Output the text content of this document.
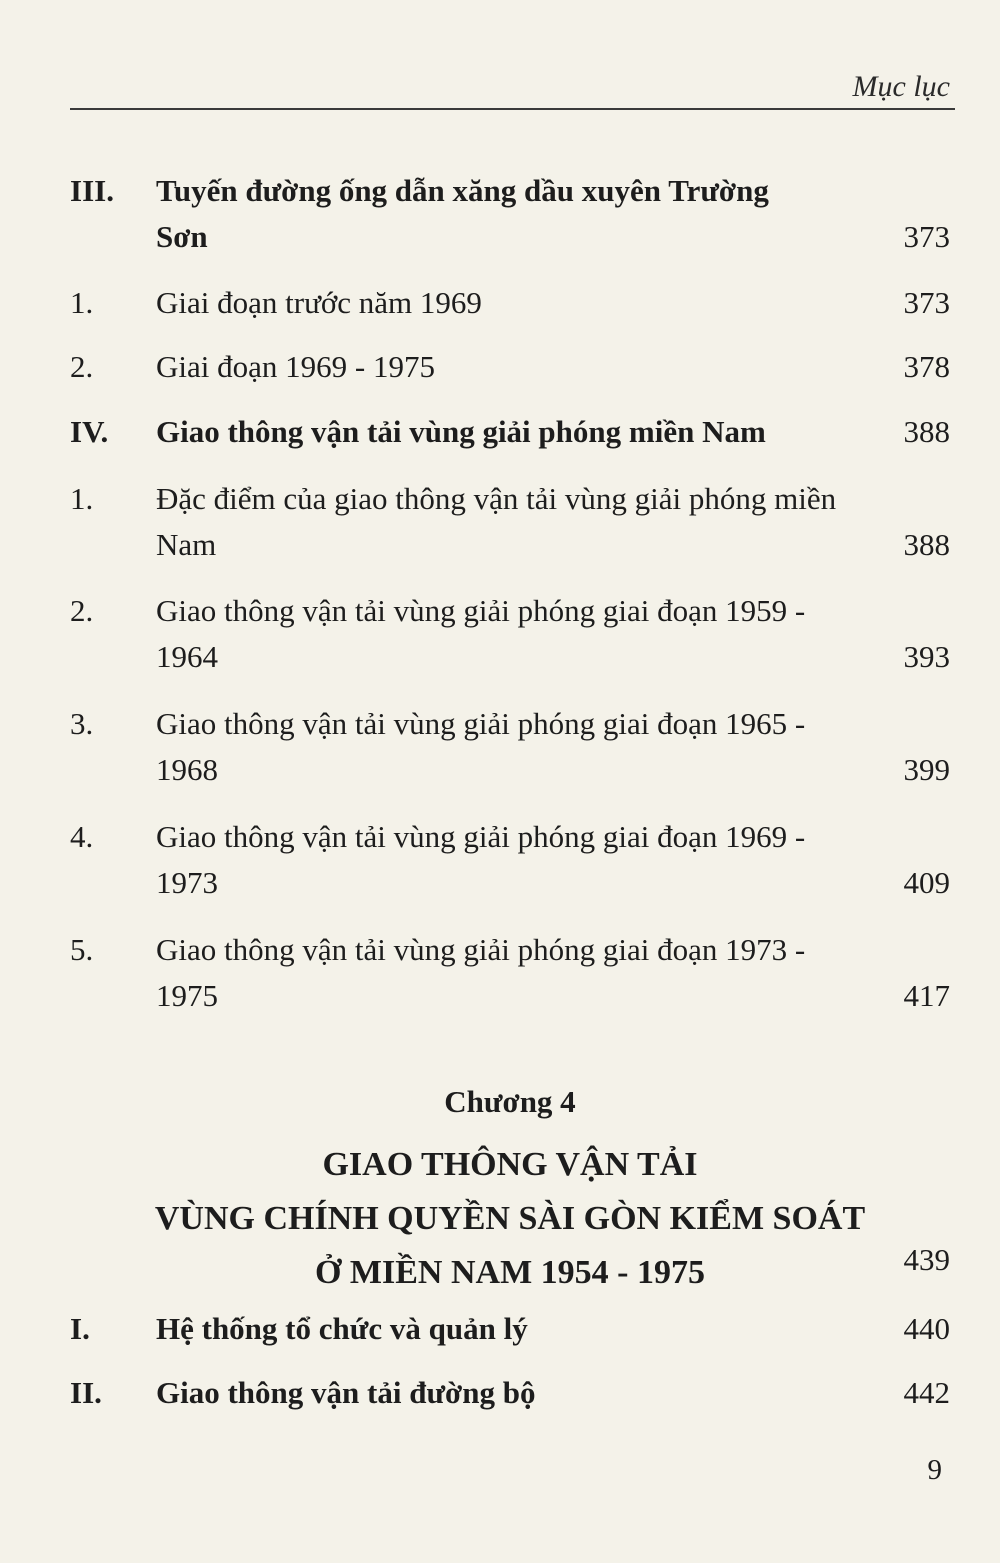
Mục lục
III. Tuyến đường ống dẫn xăng dầu xuyên Trường Sơn	373
1. Giai đoạn trước năm 1969	373
2. Giai đoạn 1969 - 1975	378
IV. Giao thông vận tải vùng giải phóng miền Nam	388
1. Đặc điểm của giao thông vận tải vùng giải phóng miền Nam	388
2. Giao thông vận tải vùng giải phóng giai đoạn 1959 - 1964	393
3. Giao thông vận tải vùng giải phóng giai đoạn 1965 - 1968	399
4. Giao thông vận tải vùng giải phóng giai đoạn 1969 - 1973	409
5. Giao thông vận tải vùng giải phóng giai đoạn 1973 - 1975	417
Chương 4
GIAO THÔNG VẬN TẢI
VÙNG CHÍNH QUYỀN SÀI GÒN KIỂM SOÁT
Ở MIỀN NAM 1954 - 1975	439
I. Hệ thống tổ chức và quản lý	440
II. Giao thông vận tải đường bộ	442
9
